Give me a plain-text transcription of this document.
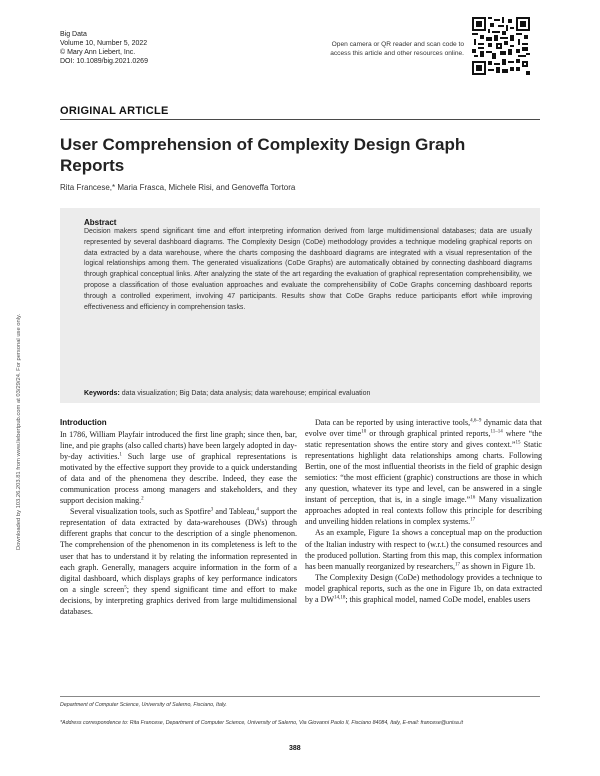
Big Data
Volume 10, Number 5, 2022
© Mary Ann Liebert, Inc.
DOI: 10.1089/big.2021.0269
Open camera or QR reader and scan code to access this article and other resources online.
ORIGINAL ARTICLE
User Comprehension of Complexity Design Graph Reports
Rita Francese,* Maria Frasca, Michele Risi, and Genoveffa Tortora
Abstract
Decision makers spend significant time and effort interpreting information derived from large multidimensional databases; data are usually represented by several dashboard diagrams. The Complexity Design (CoDe) methodology provides a technique modeling graphical reports on data extracted by a data warehouse, where the charts composing the dashboard diagrams are integrated with a visual representation of the logical relationships among them. The generated visualizations (CoDe Graphs) are automatically obtained by connecting dashboard diagrams through graphical conceptual links. After analyzing the state of the art regarding the evaluation of graphical representation comprehensibility, we propose a classification of those evaluation approaches and evaluate the comprehensibility of CoDe Graphs concerning dashboard reports through a controlled experiment, involving 47 participants. Results show that CoDe Graphs reduce participants effort while improving effectiveness and efficiency in comprehension tasks.
Keywords: data visualization; Big Data; data analysis; data warehouse; empirical evaluation
Downloaded by 103.26.203.81 from www.liebertpub.com at 03/29/24. For personal use only.	Introduction

In 1786, William Playfair introduced the first line graph; since then, bar, line, and pie graphs (also called charts) have been largely adopted in day-by-day activities.$^1$ Such large use of graphical representations is motivated by the effective support they provide to a quick understanding of data and of the phenomena they describe. Indeed, they ease the communication process among managers and stakeholders, and they support decision making.$^2$

Several visualization tools, such as Spotfire$^3$ and Tableau,$^4$ support the representation of data extracted by data-warehouses (DWs) through different graphs that concur to the description of a single phenomenon. The comprehension of the phenomenon in its completeness is left to the user that has to understand it by relating the information represented in each graph. Generally, managers acquire information in the form of a digital dashboard, which displays graphs of key performance indicators on a single screen$^5$; they spend significant time and effort to make decisions, by interpreting graphics derived from large multidimensional databases.

Data can be reported by using interactive tools,$^{4,6-9}$ dynamic data that evolve over time$^{10}$ or through graphical printed reports,$^{11-14}$ where “the static representation shows the entire story and gives context.”$^{15}$ Static representations highlight data relationships among charts. Following Bertin, one of the most influential theorists in the field of graphic design semiotics: “the most efficient (graphic) constructions are those in which any question, whatever its type and level, can be answered in a single instant of perception, that is, in a single image.”$^{16}$ Many visualization approaches adopted in real contexts follow this principle for describing and unveiling hidden relations in complex systems.$^{17}$

As an example, Figure 1a shows a conceptual map on the production of the Italian industry with respect to (w.r.t.) the consumed resources and the produced pollution. Starting from this map, this complex information has been manually reorganized by researchers,$^{17}$ as shown in Figure 1b.

The Complexity Design (CoDe) methodology provides a technique to model graphical reports, such as the one in Figure 1b, on data extracted by a DW$^{14,18}$; this graphical model, named CoDe model, enables users

Department of Computer Science, University of Salerno, Fisciano, Italy.
*Address correspondence to: Rita Francese, Department of Computer Science, University of Salerno, Via Giovanni Paolo II, Fisciano 84084, Italy, E-mail: francese@unisa.it
388
